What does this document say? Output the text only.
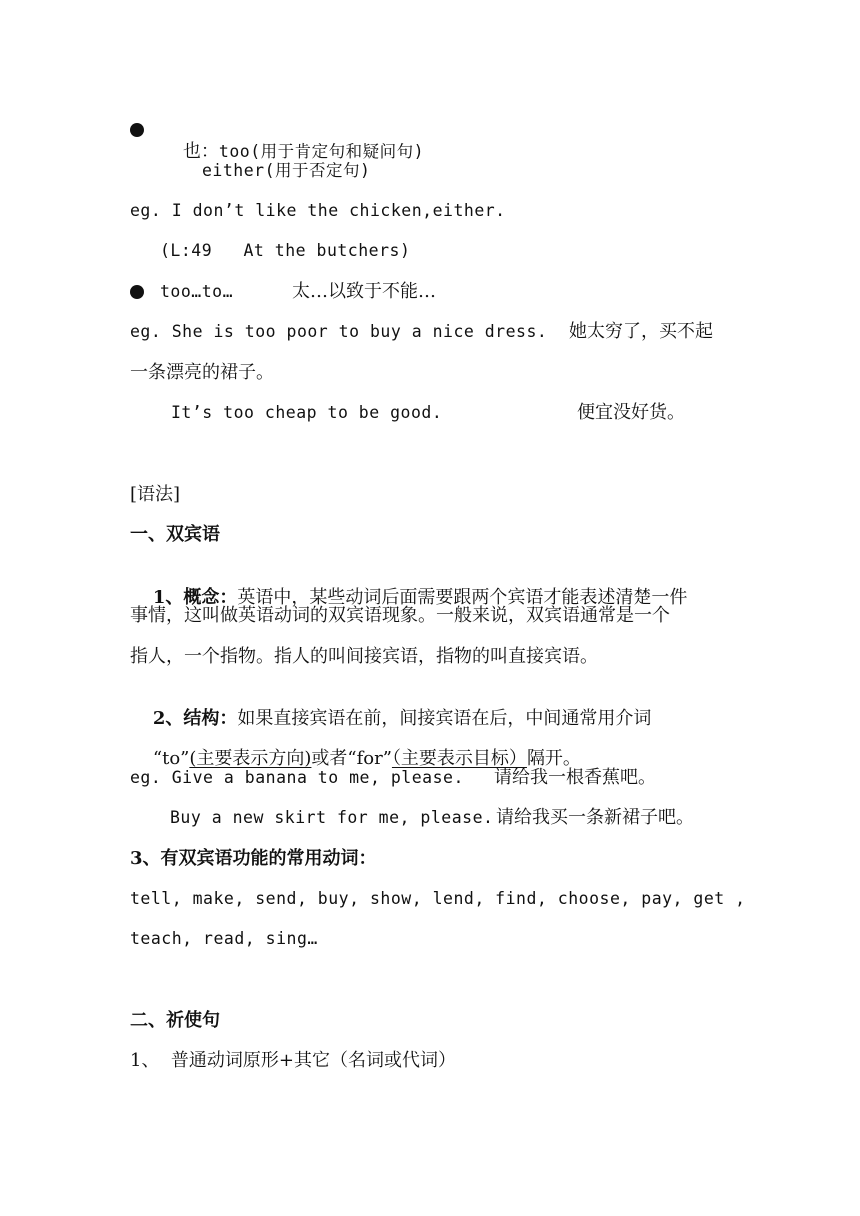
也：too(用于肯定句和疑问句)

either(用于否定句)
eg. I don’t like the chicken,either.
(L:49   At the butchers)
too…to…	太…以致于不能…
eg. She is too poor to buy a nice dress. 她太穷了，买不起
一条漂亮的裙子。
It’s too cheap to be good.	便宜没好货。
[语法]
一、双宾语

1、概念：英语中，某些动词后面需要跟两个宾语才能表述清楚一件

事情，这叫做英语动词的双宾语现象。一般来说，双宾语通常是一个
指人，一个指物。指人的叫间接宾语，指物的叫直接宾语。

2、结构：如果直接宾语在前，间接宾语在后，中间通常用介词

“to”(主要表示方向)或者“for”（主要表示目标）隔开。

eg. Give a banana to me, please. 请给我一根香蕉吧。
Buy a new skirt for me, please. 请给我买一条新裙子吧。
3、有双宾语功能的常用动词：
tell, make, send, buy, show, lend, find, choose, pay, get ,
teach, read, sing…
二、祈使句
1、  普通动词原形+其它（名词或代词）
